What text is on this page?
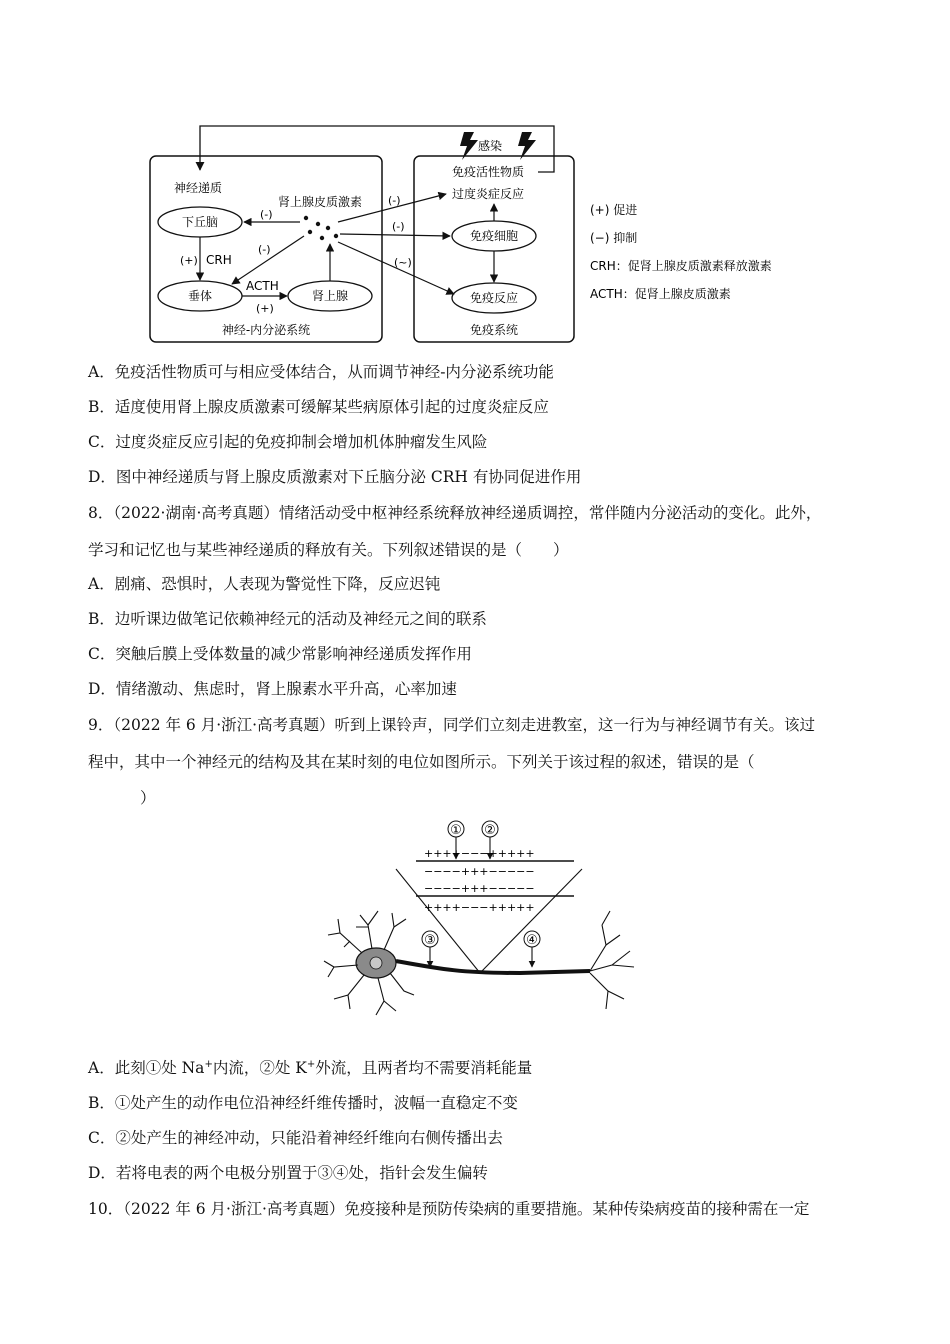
感染
免疫活性物质
过度炎症反应
神经递质
肾上腺皮质激素
下丘脑
垂体	肾上腺
免疫细胞
免疫反应
(-)
(-)
(+) CRH
ACTH
(+)
(-)
(-)
(~)
神经-内分泌系统	免疫系统
(+) 促进
(−) 抑制
CRH：促肾上腺皮质激素释放激素
ACTH：促肾上腺皮质激素
A．免疫活性物质可与相应受体结合，从而调节神经-内分泌系统功能
B．适度使用肾上腺皮质激素可缓解某些病原体引起的过度炎症反应
C．过度炎症反应引起的免疫抑制会增加机体肿瘤发生风险
D．图中神经递质与肾上腺皮质激素对下丘脑分泌 CRH 有协同促进作用
8．（2022·湖南·高考真题）情绪活动受中枢神经系统释放神经递质调控，常伴随内分泌活动的变化。此外，
学习和记忆也与某些神经递质的释放有关。下列叙述错误的是（　　）
A．剧痛、恐惧时，人表现为警觉性下降，反应迟钝
B．边听课边做笔记依赖神经元的活动及神经元之间的联系
C．突触后膜上受体数量的减少常影响神经递质发挥作用
D．情绪激动、焦虑时，肾上腺素水平升高，心率加速
9．（2022 年 6 月·浙江·高考真题）听到上课铃声，同学们立刻走进教室，这一行为与神经调节有关。该过
程中，其中一个神经元的结构及其在某时刻的电位如图所示。下列关于该过程的叙述，错误的是（
）
① ②
++++−−−+++++
−−−−+++−−−−−
−−−−+++−−−−−
++++−−−+++++
③	④
A．此刻①处 Na+内流，②处 K+外流，且两者均不需要消耗能量
B．①处产生的动作电位沿神经纤维传播时，波幅一直稳定不变
C．②处产生的神经冲动，只能沿着神经纤维向右侧传播出去
D．若将电表的两个电极分别置于③④处，指针会发生偏转
10．（2022 年 6 月·浙江·高考真题）免疫接种是预防传染病的重要措施。某种传染病疫苗的接种需在一定
